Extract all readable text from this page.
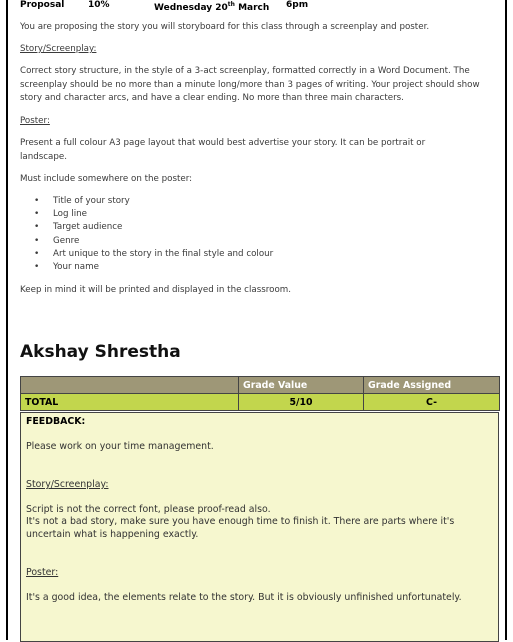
Proposal	10%	Wednesday 20th March 6pm

You are proposing the story you will storyboard for this class through a screenplay and poster.

Story/Screenplay:

Correct story structure, in the style of a 3-act screenplay, formatted correctly in a Word Document. The screenplay should be no more than a minute long/more than 3 pages of writing. Your project should show story and character arcs, and have a clear ending. No more than three main characters.

Poster:

Present a full colour A3 page layout that would best advertise your story. It can be portrait or landscape.

Must include somewhere on the poster:

• Title of your story
• Log line
• Target audience
• Genre
• Art unique to the story in the final style and colour
• Your name

Keep in mind it will be printed and displayed in the classroom.

Akshay Shrestha
	Grade Value	Grade Assigned
TOTAL	5/10	C-

FEEDBACK:

Please work on your time management.

Story/Screenplay:

Script is not the correct font, please proof-read also.

It's not a bad story, make sure you have enough time to finish it. There are parts where it's uncertain what is happening exactly.

Poster:

It's a good idea, the elements relate to the story. But it is obviously unfinished unfortunately.
